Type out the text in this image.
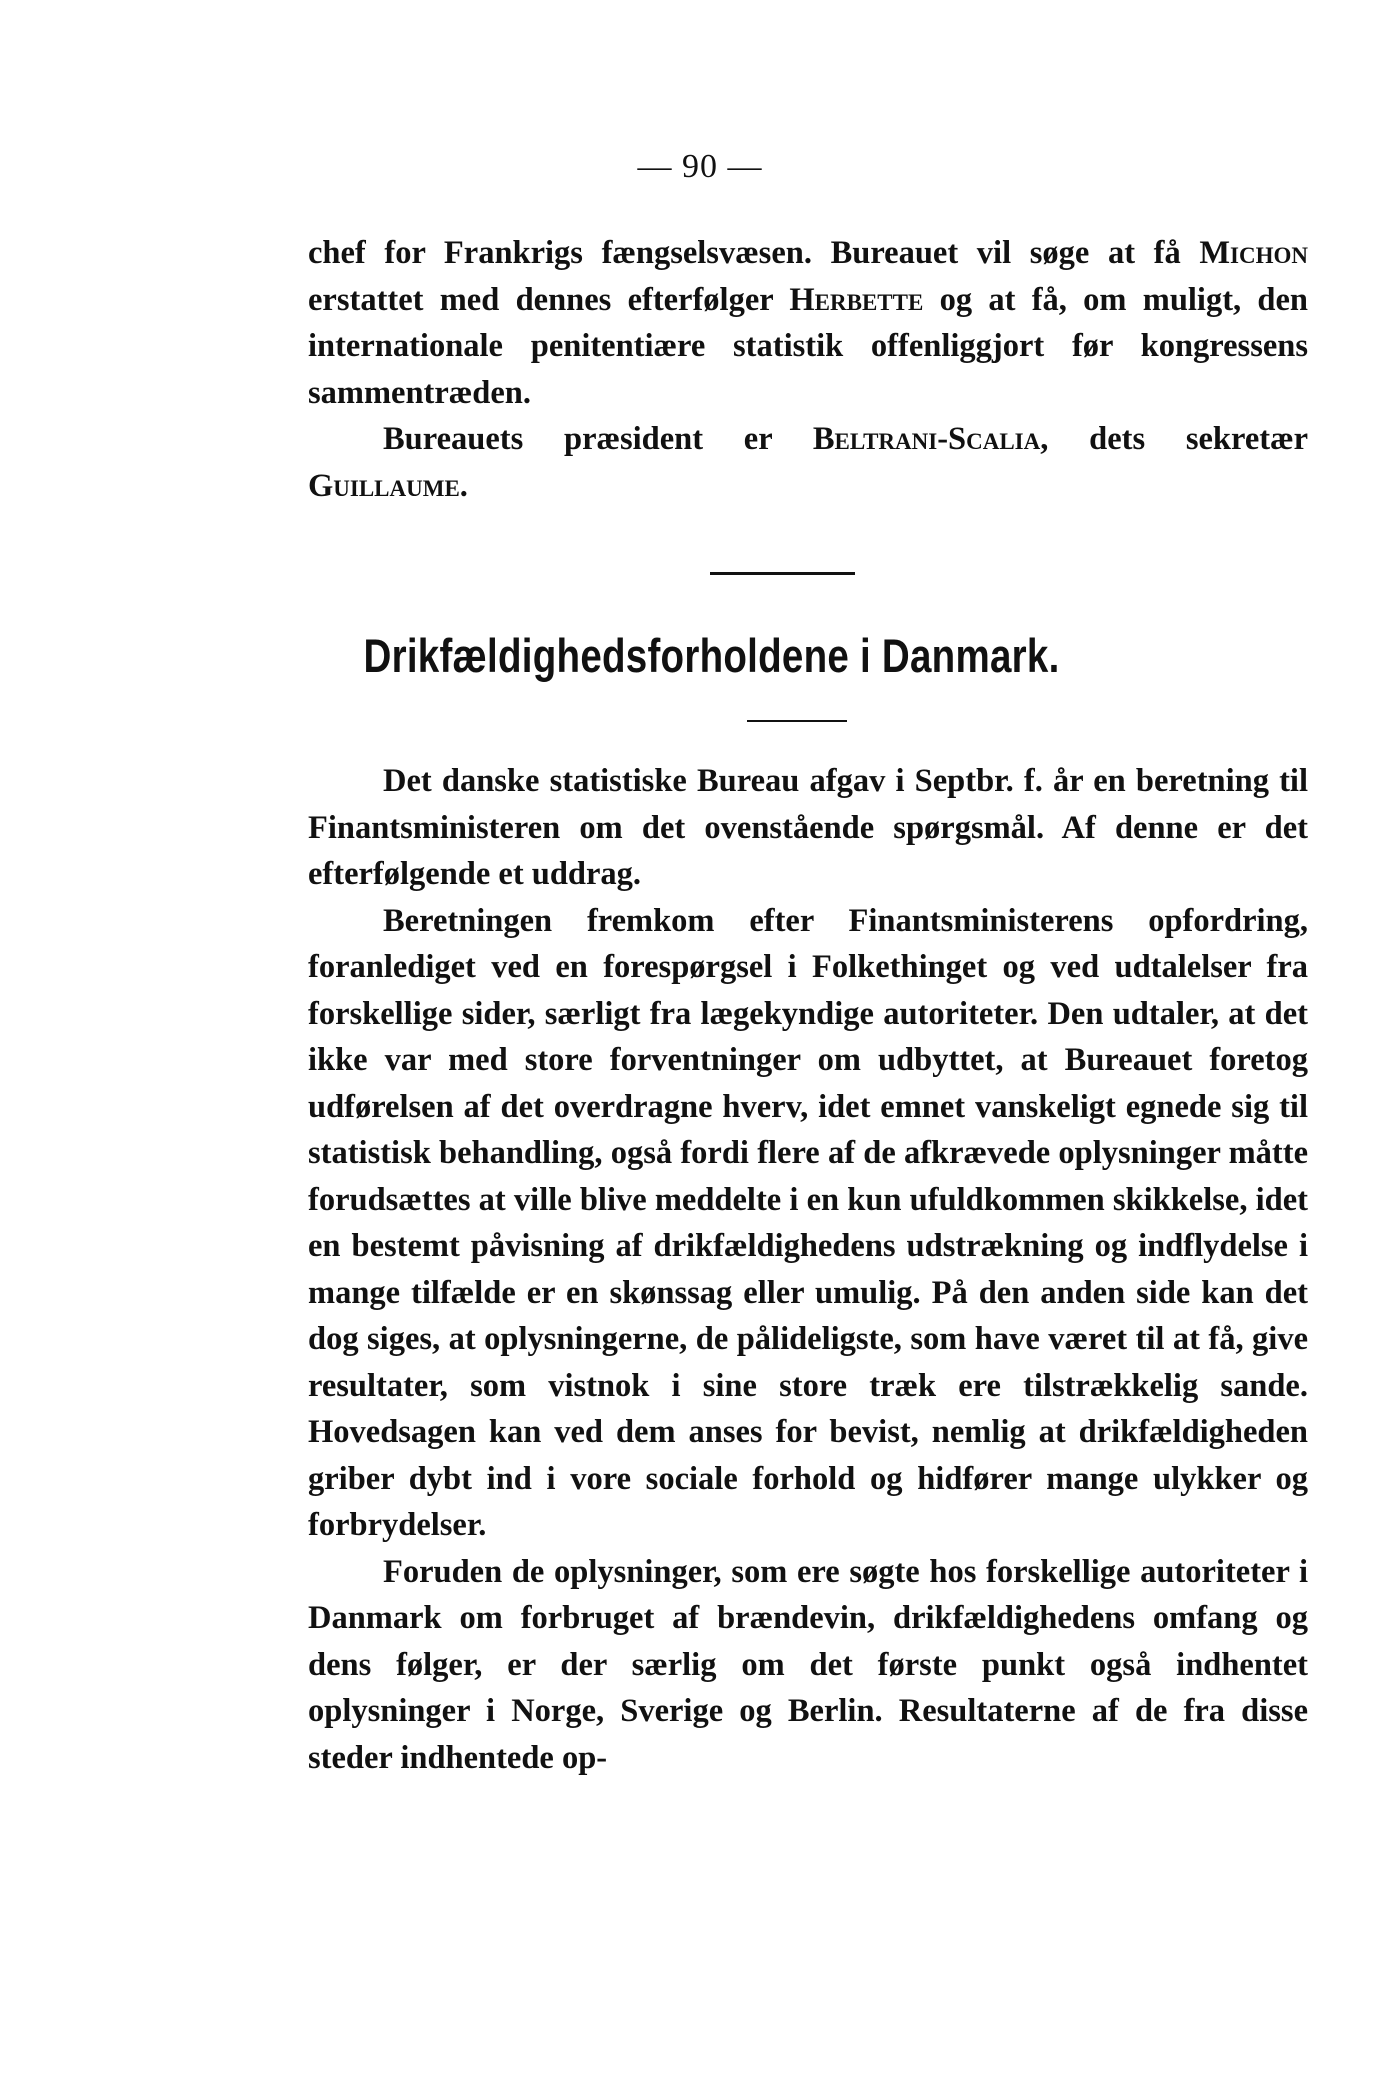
— 90 —

chef for Frankrigs fængselsvæsen. Bureauet vil søge at få Michon erstattet med dennes efterfølger Herbette og at få, om muligt, den internationale penitentiære statistik offenliggjort før kongressens sammentræden.

Bureauets præsident er Beltrani-Scalia, dets sekretær Guillaume.

Drikfældighedsforholdene i Danmark.

Det danske statistiske Bureau afgav i Septbr. f. år en beretning til Finantsministeren om det ovenstående spørgsmål. Af denne er det efterfølgende et uddrag.

Beretningen fremkom efter Finantsministerens opfordring, foranlediget ved en forespørgsel i Folkethinget og ved udtalelser fra forskellige sider, særligt fra lægekyndige autoriteter. Den udtaler, at det ikke var med store forventninger om udbyttet, at Bureauet foretog udførelsen af det overdragne hverv, idet emnet vanskeligt egnede sig til statistisk behandling, også fordi flere af de afkrævede oplysninger måtte forudsættes at ville blive meddelte i en kun ufuldkommen skikkelse, idet en bestemt påvisning af drikfældighedens udstrækning og indflydelse i mange tilfælde er en skønssag eller umulig. På den anden side kan det dog siges, at oplysningerne, de pålideligste, som have været til at få, give resultater, som vistnok i sine store træk ere tilstrækkelig sande. Hovedsagen kan ved dem anses for bevist, nemlig at drikfældigheden griber dybt ind i vore sociale forhold og hidfører mange ulykker og forbrydelser.

Foruden de oplysninger, som ere søgte hos forskellige autoriteter i Danmark om forbruget af brændevin, drikfældighedens omfang og dens følger, er der særlig om det første punkt også indhentet oplysninger i Norge, Sverige og Berlin. Resultaterne af de fra disse steder indhentede op-
